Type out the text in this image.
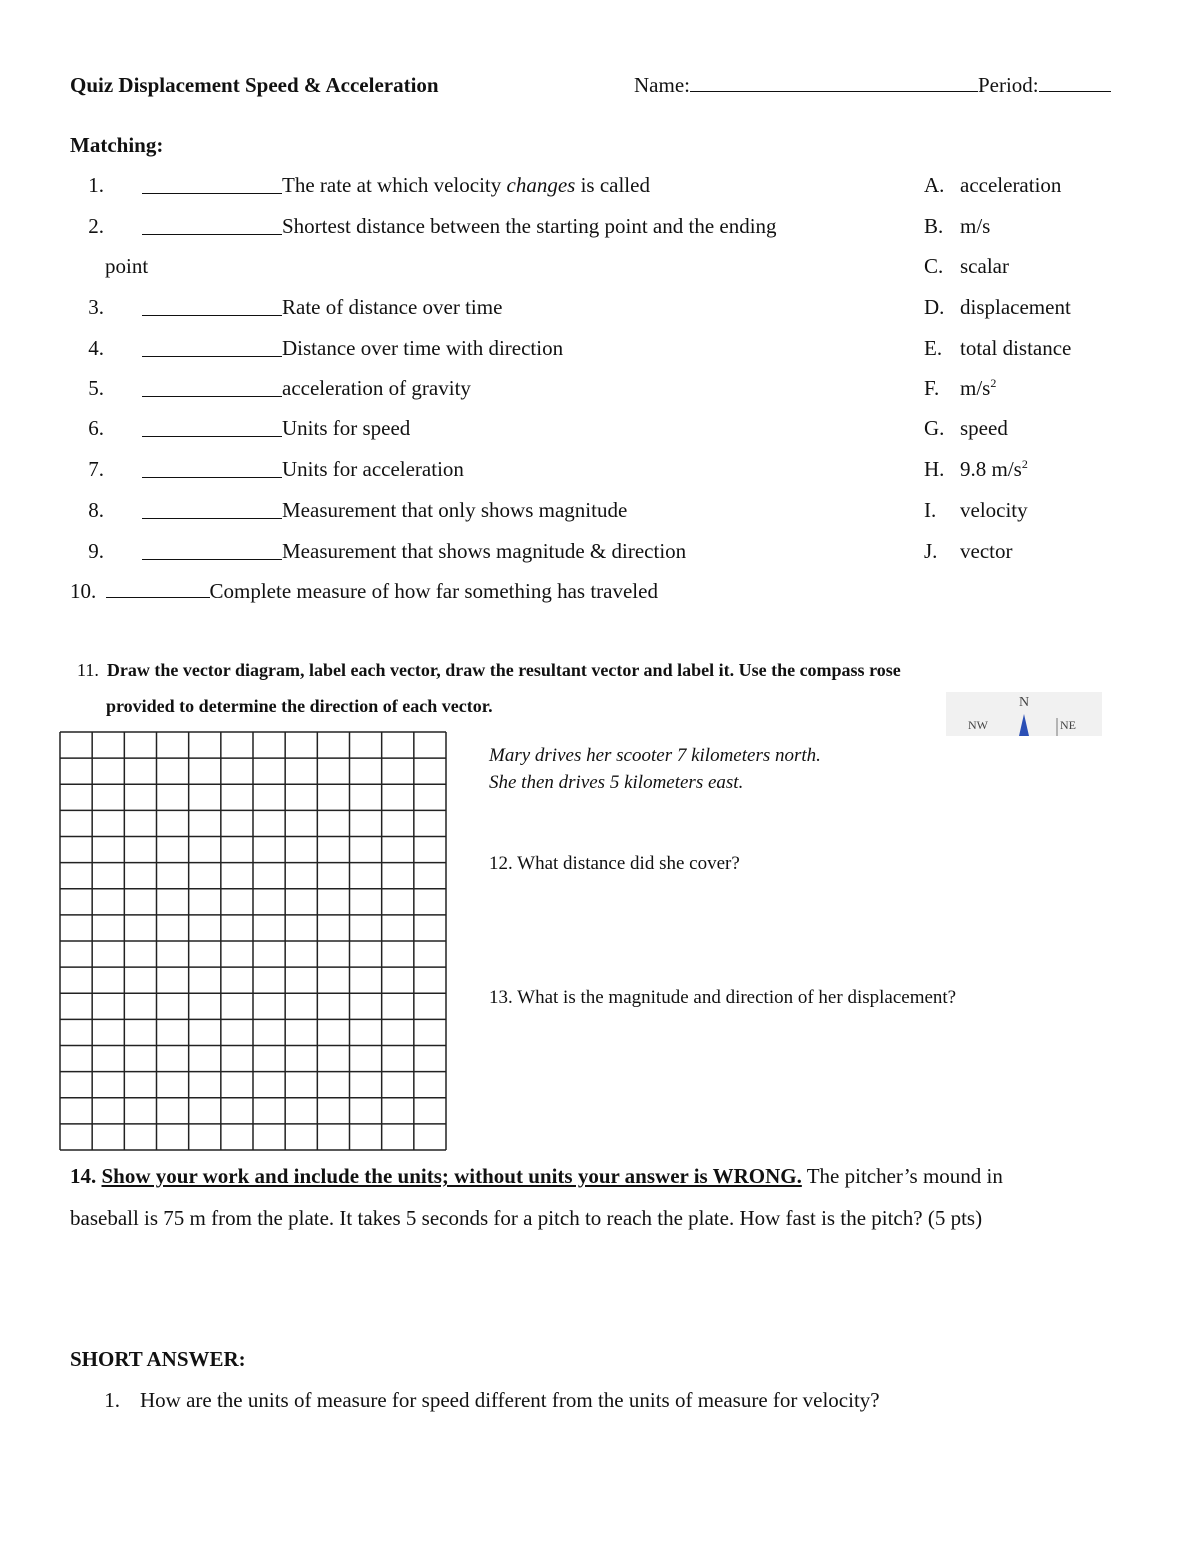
Quiz Displacement Speed & Acceleration	Name:	Period:
Matching:
1.	The rate at which velocity changes is called
2.	Shortest distance between the starting point and the ending
point
3.	Rate of distance over time
4.	Distance over time with direction
5.	acceleration of gravity
6.	Units for speed
7.	Units for acceleration
8.	Measurement that only shows magnitude
9.	Measurement that shows magnitude & direction
10.	Complete measure of how far something has traveled
A. acceleration
B. m/s
C. scalar
D. displacement
E. total distance
F. $m/s^2$
G. speed
H. 9.8 $m/s^2$
I. velocity
J. vector
11. Draw the vector diagram, label each vector, draw the resultant vector and label it. Use the compass rose
provided to determine the direction of each vector.	N
NW	NE
Mary drives her scooter 7 kilometers north.
She then drives 5 kilometers east.
12. What distance did she cover?
13. What is the magnitude and direction of her displacement?
14. Show your work and include the units; without units your answer is WRONG. The pitcher’s mound in
baseball is 75 m from the plate. It takes 5 seconds for a pitch to reach the plate. How fast is the pitch? (5 pts)
SHORT ANSWER:
1. How are the units of measure for speed different from the units of measure for velocity?
